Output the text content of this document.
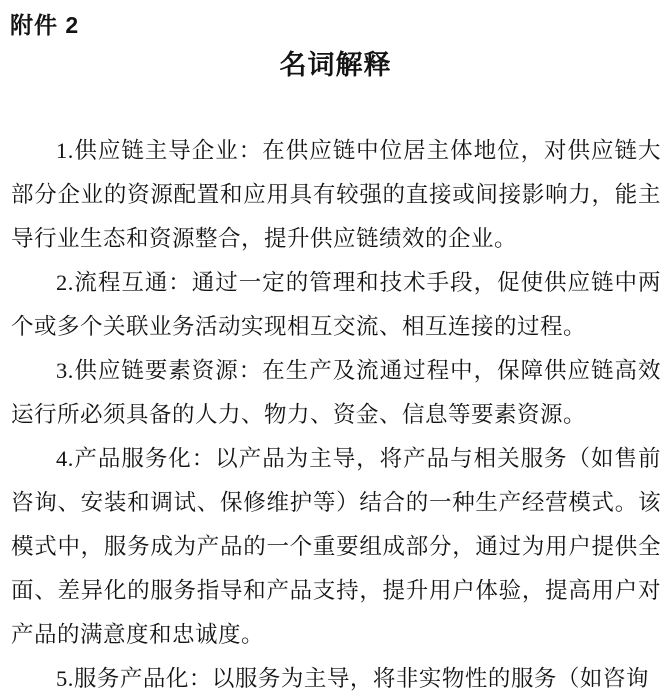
附件 2
名词解释

1.供应链主导企业：在供应链中位居主体地位，对供应链大部分企业的资源配置和应用具有较强的直接或间接影响力，能主导行业生态和资源整合，提升供应链绩效的企业。

2.流程互通：通过一定的管理和技术手段，促使供应链中两个或多个关联业务活动实现相互交流、相互连接的过程。

3.供应链要素资源：在生产及流通过程中，保障供应链高效运行所必须具备的人力、物力、资金、信息等要素资源。

4.产品服务化：以产品为主导，将产品与相关服务（如售前咨询、安装和调试、保修维护等）结合的一种生产经营模式。该模式中，服务成为产品的一个重要组成部分，通过为用户提供全面、差异化的服务指导和产品支持，提升用户体验，提高用户对产品的满意度和忠诚度。

5.服务产品化：以服务为主导，将非实物性的服务（如咨询
